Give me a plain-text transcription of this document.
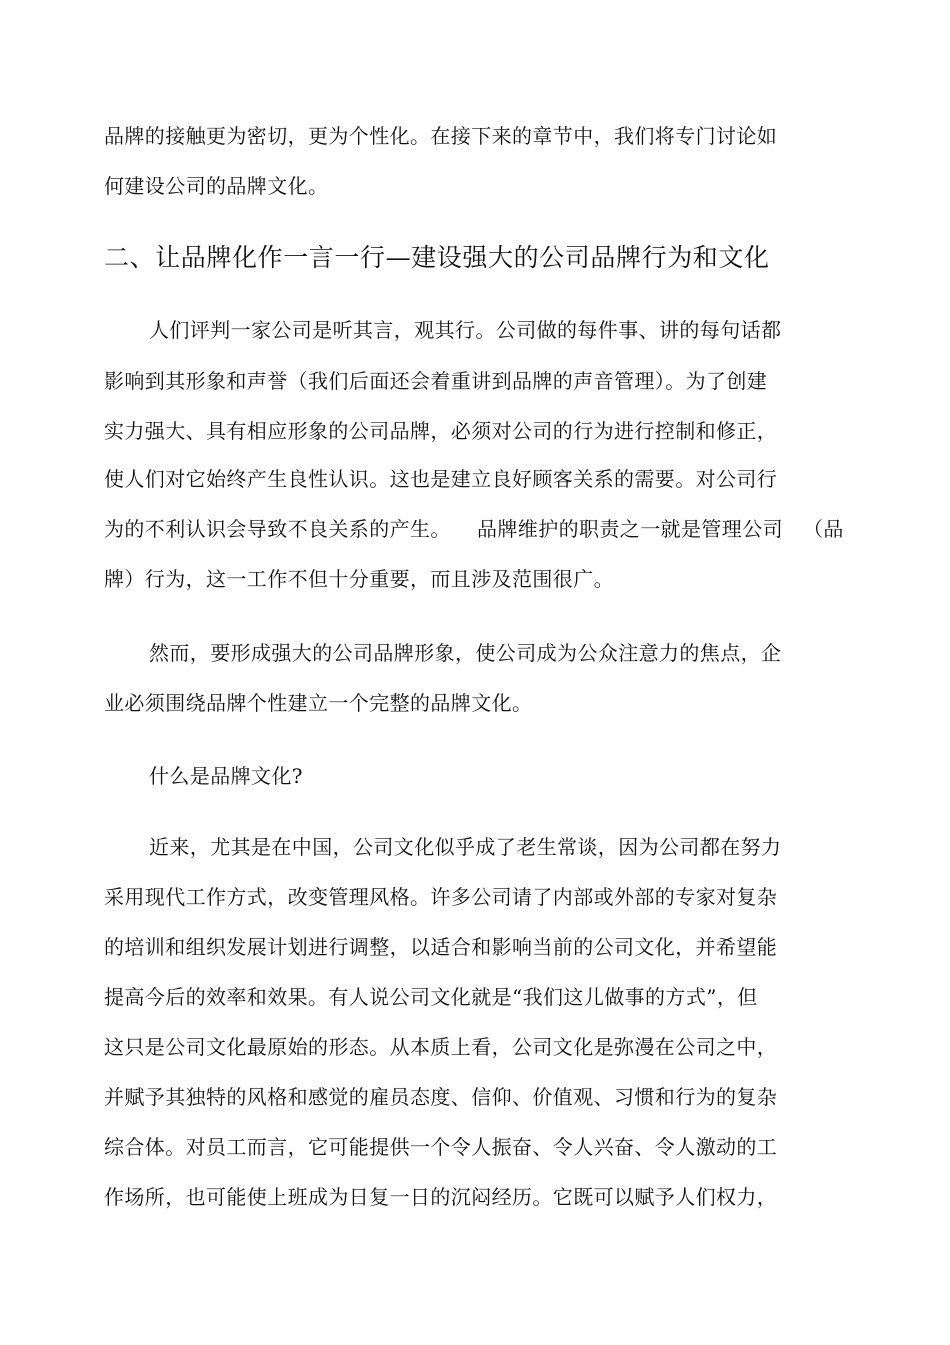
品牌的接触更为密切，更为个性化。在接下来的章节中，我们将专门讨论如
何建设公司的品牌文化。
二、让品牌化作一言一行—建设强大的公司品牌行为和文化
人们评判一家公司是听其言，观其行。公司做的每件事、讲的每句话都
影响到其形象和声誉（我们后面还会着重讲到品牌的声音管理）。为了创建
实力强大、具有相应形象的公司品牌，必须对公司的行为进行控制和修正，
使人们对它始终产生良性认识。这也是建立良好顾客关系的需要。对公司行
为的不利认识会导致不良关系的产生。 品牌维护的职责之一就是管理公司 （品
牌）行为，这一工作不但十分重要，而且涉及范围很广。
然而，要形成强大的公司品牌形象，使公司成为公众注意力的焦点，企
业必须围绕品牌个性建立一个完整的品牌文化。
什么是品牌文化?
近来，尤其是在中国，公司文化似乎成了老生常谈，因为公司都在努力
采用现代工作方式，改变管理风格。许多公司请了内部或外部的专家对复杂
的培训和组织发展计划进行调整，以适合和影响当前的公司文化，并希望能
提高今后的效率和效果。有人说公司文化就是“我们这儿做事的方式”，但
这只是公司文化最原始的形态。从本质上看，公司文化是弥漫在公司之中，
并赋予其独特的风格和感觉的雇员态度、信仰、价值观、习惯和行为的复杂
综合体。对员工而言，它可能提供一个令人振奋、令人兴奋、令人激动的工
作场所，也可能使上班成为日复一日的沉闷经历。它既可以赋予人们权力，
